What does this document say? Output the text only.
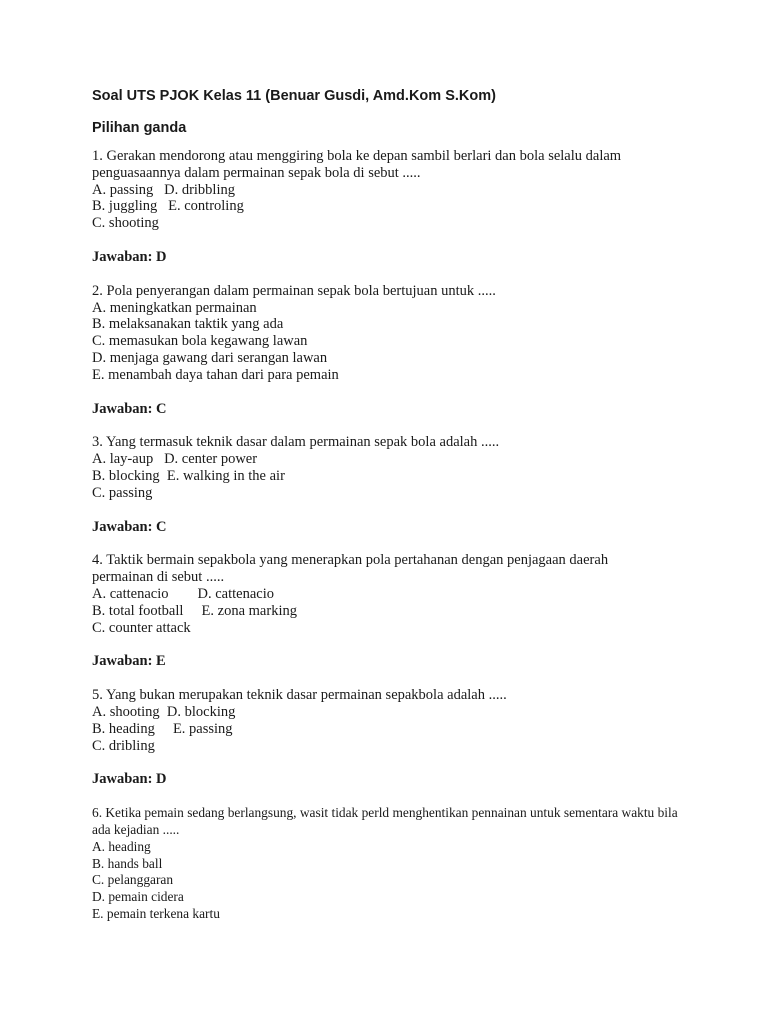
Soal UTS PJOK Kelas 11 (Benuar Gusdi, Amd.Kom S.Kom)
Pilihan ganda

1. Gerakan mendorong atau menggiring bola ke depan sambil berlari dan bola selalu dalam penguasaannya dalam permainan sepak bola di sebut .....

A. passing   D. dribbling

B. juggling   E. controling

C. shooting

Jawaban: D

2. Pola penyerangan dalam permainan sepak bola bertujuan untuk .....

A. meningkatkan permainan

B. melaksanakan taktik yang ada

C. memasukan bola kegawang lawan

D. menjaga gawang dari serangan lawan

E. menambah daya tahan dari para pemain

Jawaban: C

3. Yang termasuk teknik dasar dalam permainan sepak bola adalah .....

A. lay-aup   D. center power

B. blocking  E. walking in the air

C. passing

Jawaban: C

4. Taktik bermain sepakbola yang menerapkan pola pertahanan dengan penjagaan daerah permainan di sebut .....

A. cattenacio        D. cattenacio

B. total football     E. zona marking

C. counter attack

Jawaban: E

5. Yang bukan merupakan teknik dasar permainan sepakbola adalah .....

A. shooting  D. blocking

B. heading     E. passing

C. dribling

Jawaban: D

6. Ketika pemain sedang berlangsung, wasit tidak perld menghentikan pennainan untuk sementara waktu bila ada kejadian .....

A. heading

B. hands ball

C. pelanggaran

D. pemain cidera

E. pemain terkena kartu
